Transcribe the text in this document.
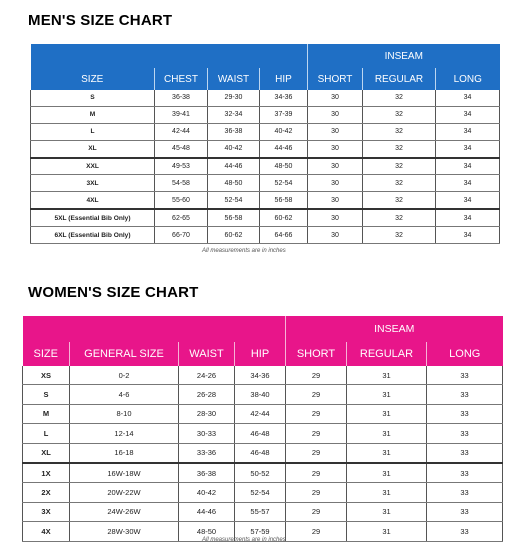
MEN'S SIZE CHART
				INSEAM		
SIZE	CHEST	WAIST	HIP	SHORT	REGULAR	LONG
S	36-38	29-30	34-36	30	32	34
M	39-41	32-34	37-39	30	32	34
L	42-44	36-38	40-42	30	32	34
XL	45-48	40-42	44-46	30	32	34
XXL	49-53	44-46	48-50	30	32	34
3XL	54-58	48-50	52-54	30	32	34
4XL	55-60	52-54	56-58	30	32	34
5XL (Essential Bib Only)	62-65	56-58	60-62	30	32	34
6XL (Essential Bib Only)	66-70	60-62	64-66	30	32	34
All measurements are in inches
WOMEN'S SIZE CHART
				INSEAM		
SIZE	GENERAL SIZE	WAIST	HIP	SHORT	REGULAR	LONG
XS	0-2	24-26	34-36	29	31	33
S	4-6	26-28	38-40	29	31	33
M	8-10	28-30	42-44	29	31	33
L	12-14	30-33	46-48	29	31	33
XL	16-18	33-36	46-48	29	31	33
1X	16W-18W	36-38	50-52	29	31	33
2X	20W-22W	40-42	52-54	29	31	33
3X	24W-26W	44-46	55-57	29	31	33
4X	28W-30W	48-50	57-59	29	31	33
All measurements are in inches
